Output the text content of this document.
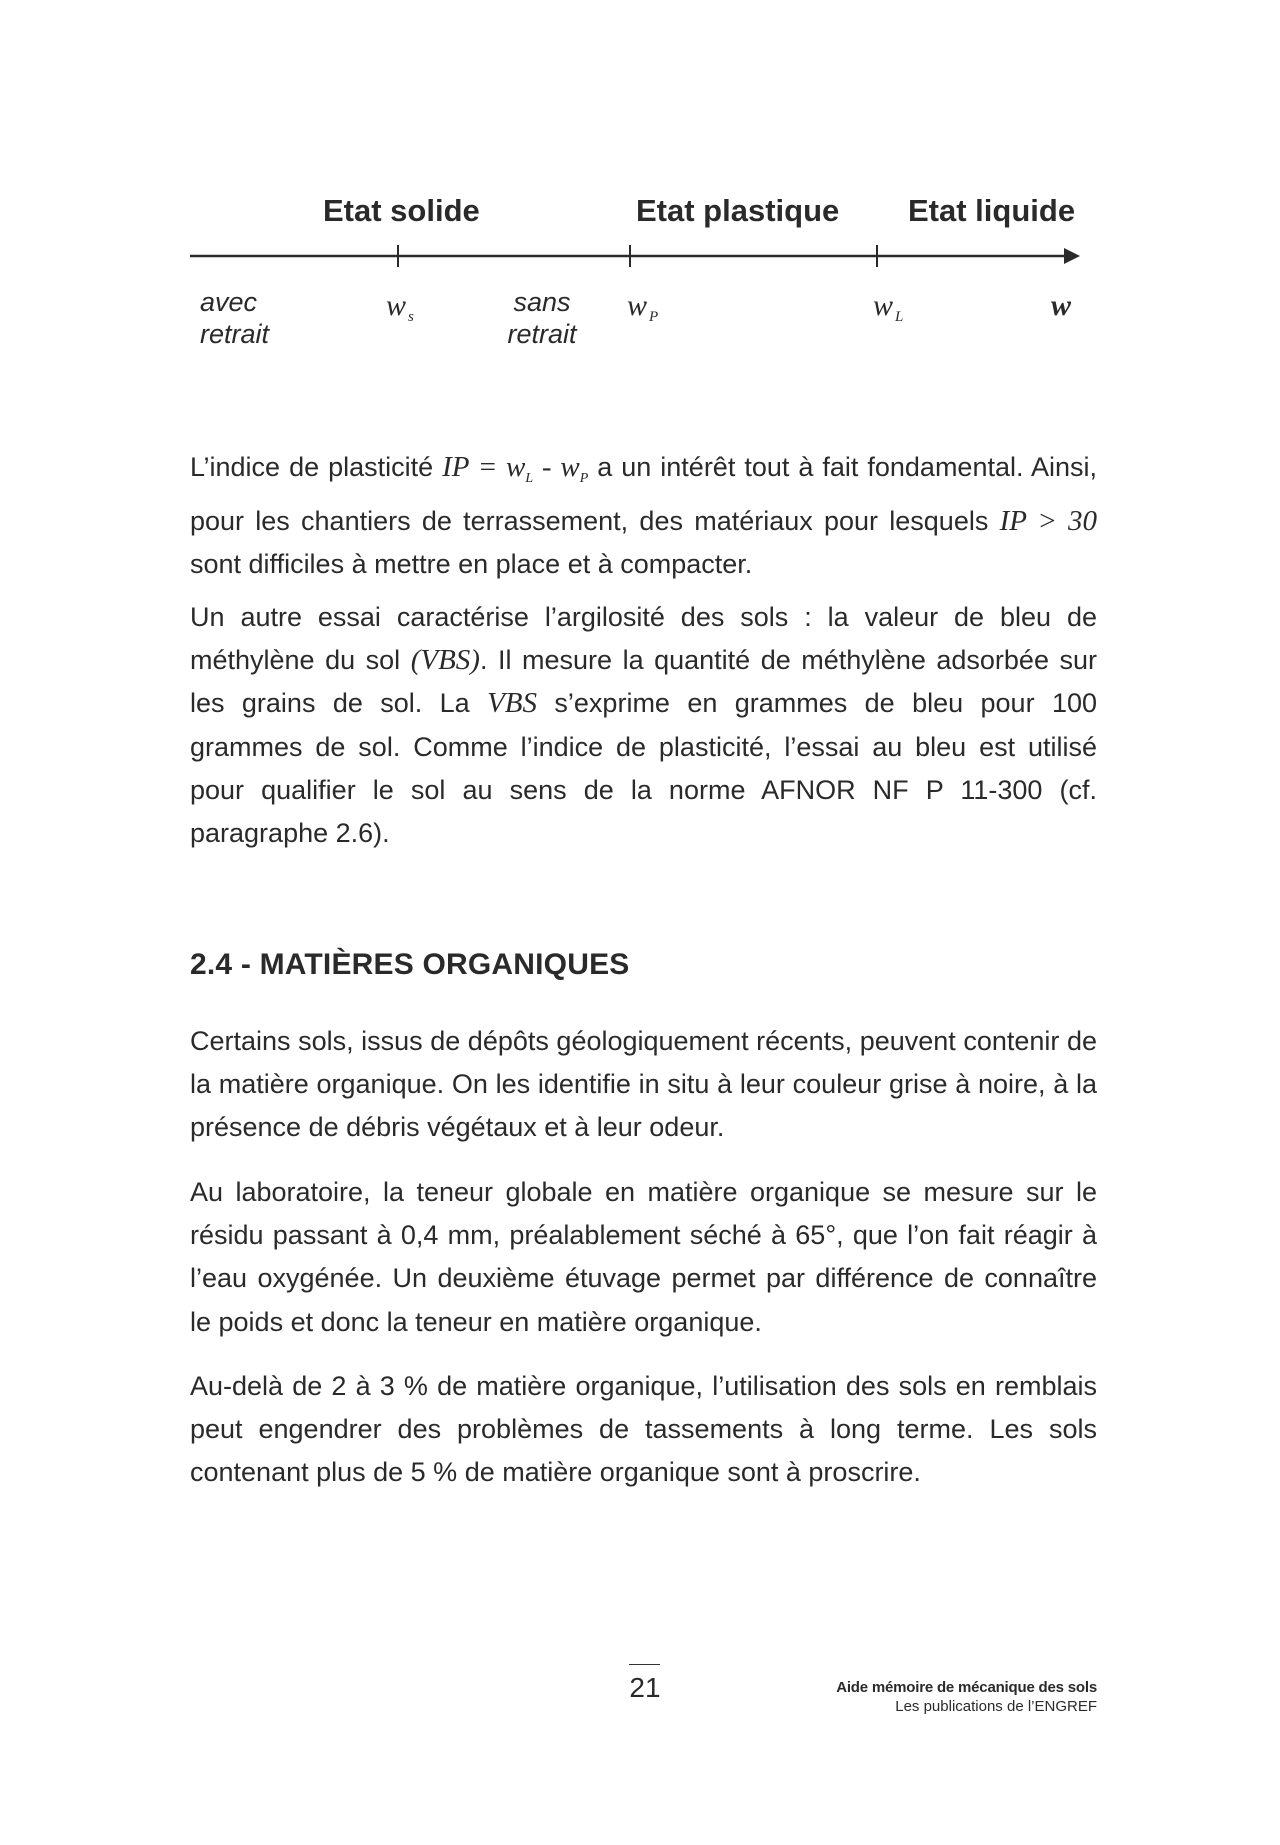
Etat solide	Etat plastique Etat liquide
avec
retrait
sans
retrait
w $_s$	w $_P$	w $_L$	w

L’indice de plasticité IP = $w_L - w_P$ a un intérêt tout à fait fondamental. Ainsi, pour les chantiers de terrassement, des matériaux pour lesquels IP > 30 sont difficiles à mettre en place et à compacter.

Un autre essai caractérise l’argilosité des sols : la valeur de bleu de méthylène du sol (VBS). Il mesure la quantité de méthylène adsorbée sur les grains de sol. La VBS s’exprime en grammes de bleu pour 100 grammes de sol. Comme l’indice de plasticité, l’essai au bleu est utilisé pour qualifier le sol au sens de la norme AFNOR NF P 11-300 (cf. paragraphe 2.6).

2.4 - MATIÈRES ORGANIQUES

Certains sols, issus de dépôts géologiquement récents, peuvent contenir de la matière organique. On les identifie in situ à leur couleur grise à noire, à la présence de débris végétaux et à leur odeur.

Au laboratoire, la teneur globale en matière organique se mesure sur le résidu passant à 0,4 mm, préalablement séché à 65°, que l’on fait réagir à l’eau oxygénée. Un deuxième étuvage permet par différence de connaître le poids et donc la teneur en matière organique.

Au-delà de 2 à 3 % de matière organique, l’utilisation des sols en remblais peut engendrer des problèmes de tassements à long terme. Les sols contenant plus de 5 % de matière organique sont à proscrire.

21	Aide mémoire de mécanique des sols
Les publications de l’ENGREF
